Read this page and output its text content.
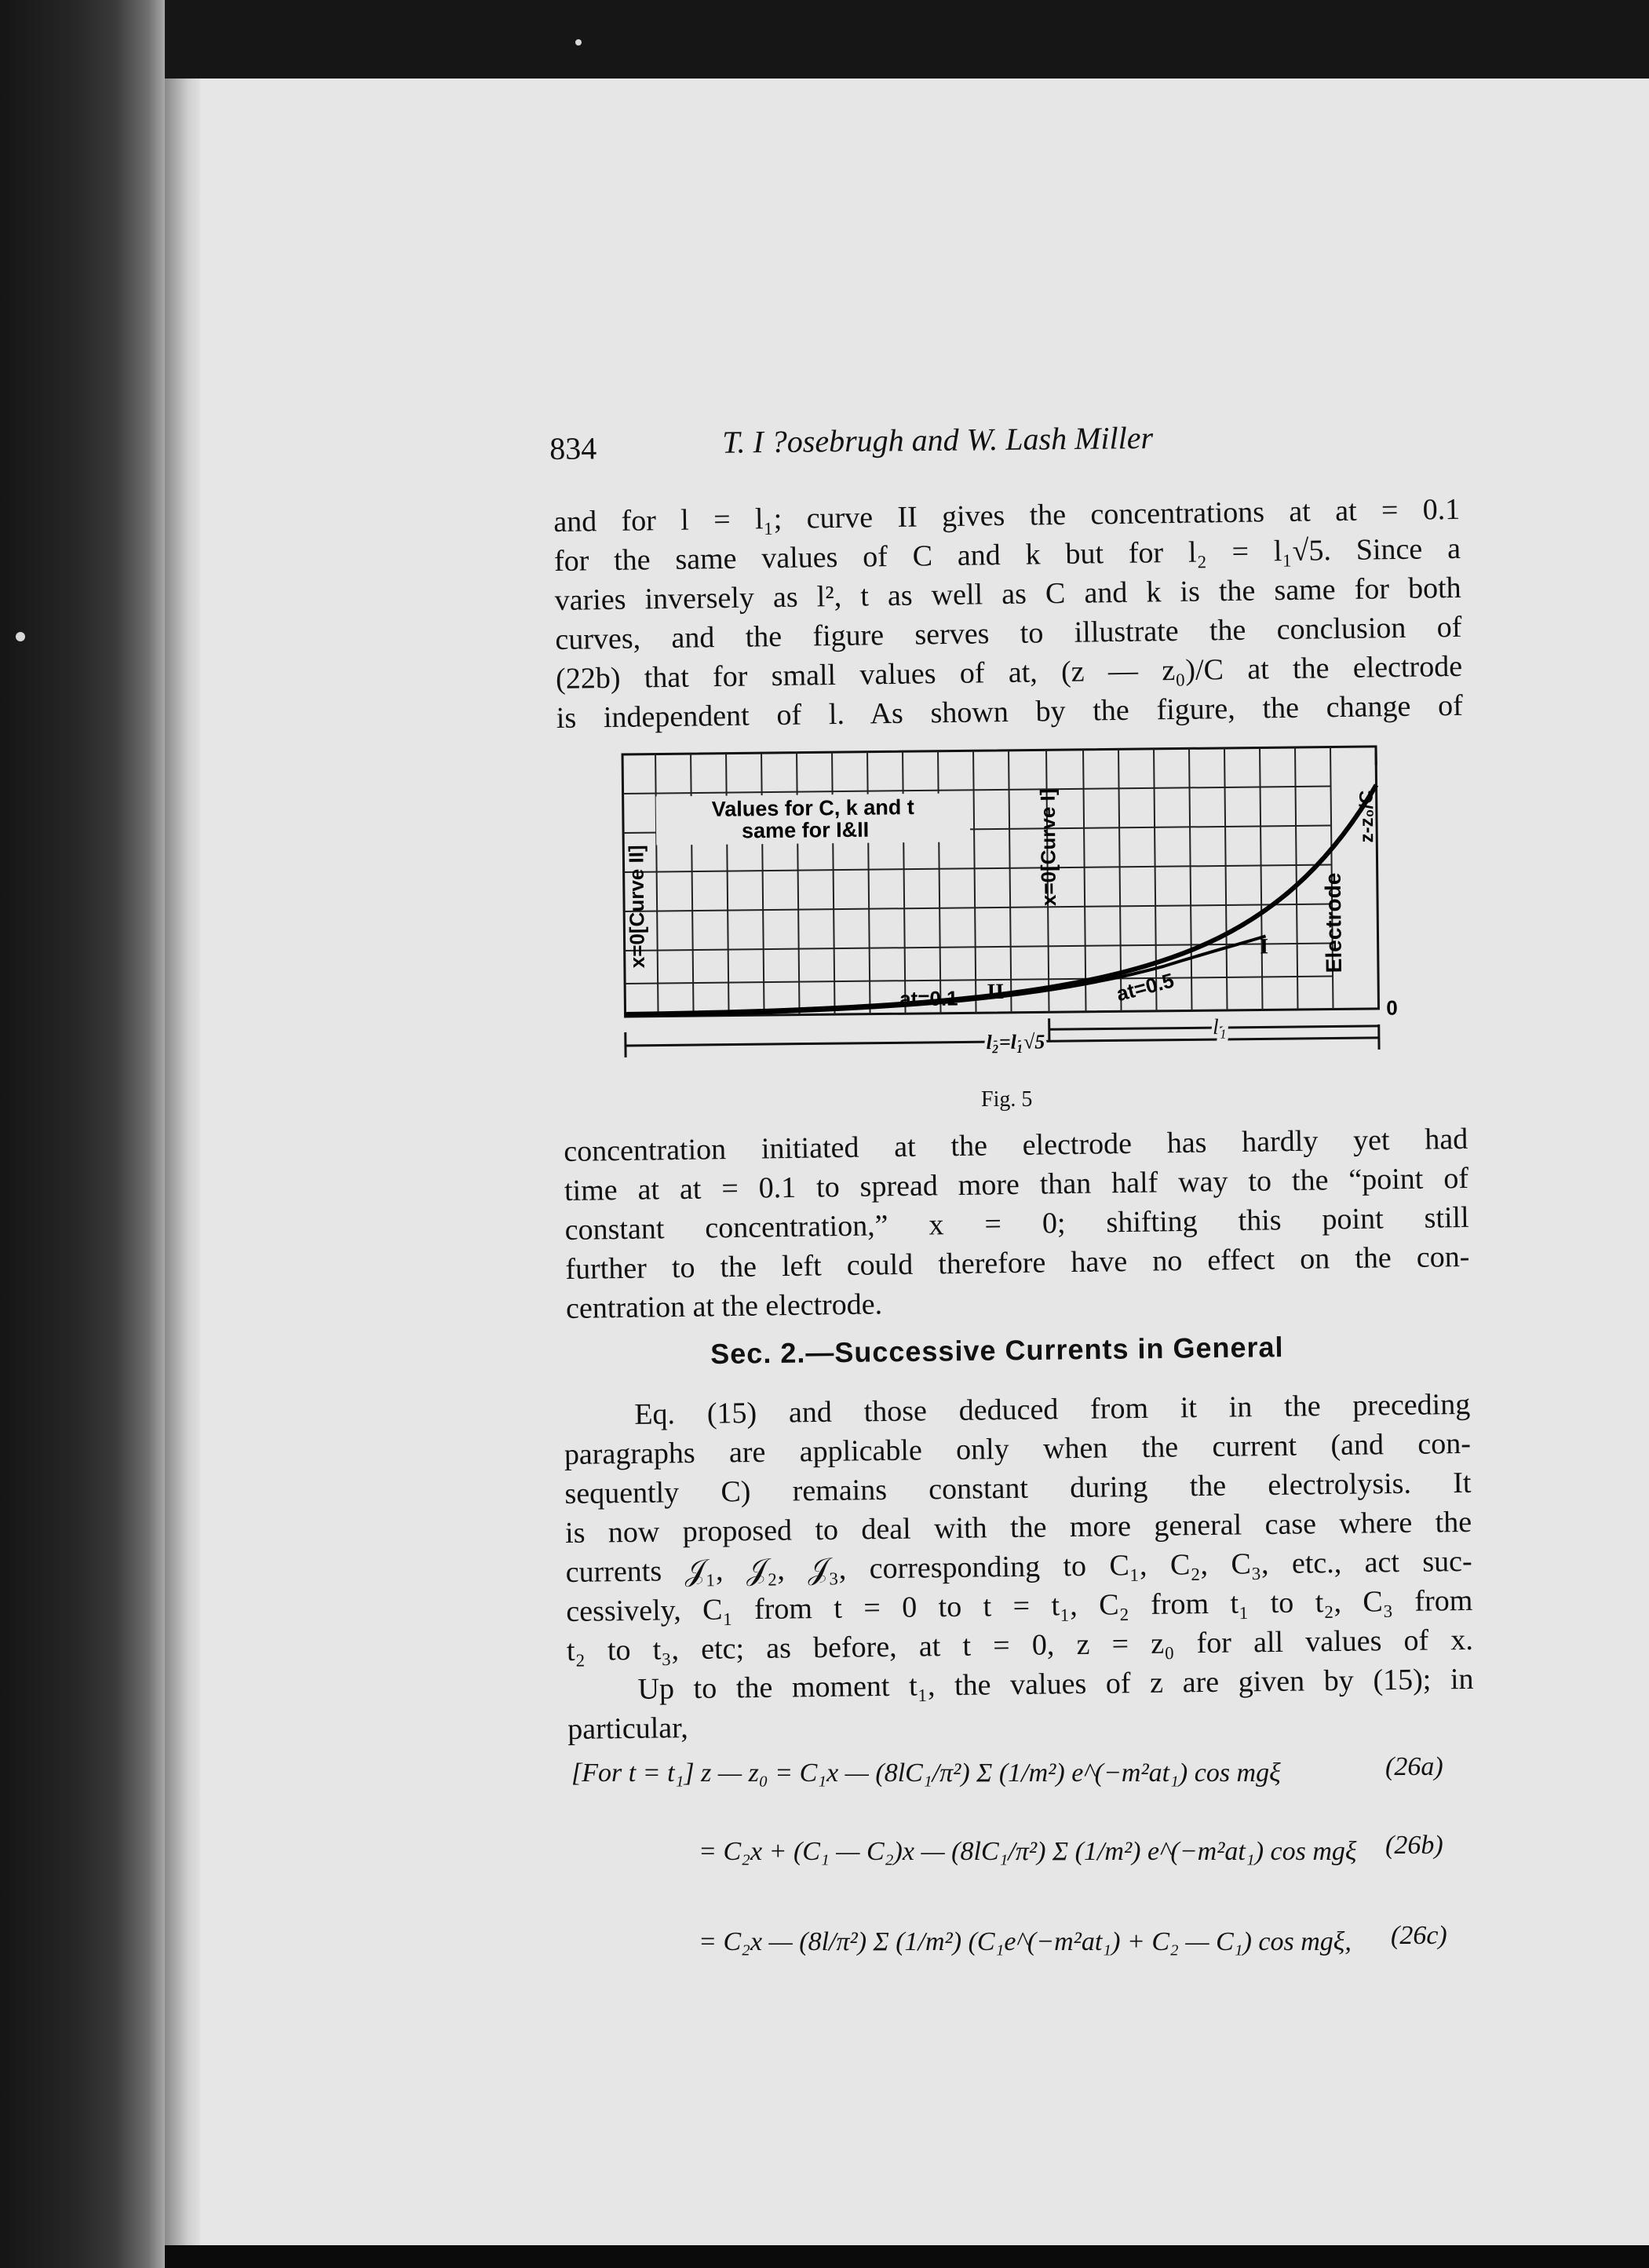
834	T. I ?osebrugh and W. Lash Miller

and for l = l₁; curve II gives the concentrations at at = 0.1
for the same values of C and k but for l₂ = l₁√5. Since a
varies inversely as l², t as well as C and k is the same for both
curves, and the figure serves to illustrate the conclusion of
(22b) that for small values of at, (z — z₀)/C at the electrode
is independent of l. As shown by the figure, the change of

x=0[Curve II]	x=0[Curve I]
Values for C, k and t
same for I&II
at=0.1 II	at=0.5
I Electrode
z-z₀/C
0
l₁
l₂=l₁√5
Fig. 5

concentration initiated at the electrode has hardly yet had
time at at = 0.1 to spread more than half way to the “point of
constant concentration,” x = 0; shifting this point still
further to the left could therefore have no effect on the con-
centration at the electrode.

Sec. 2.—Successive Currents in General

Eq. (15) and those deduced from it in the preceding
paragraphs are applicable only when the current (and con-
sequently C) remains constant during the electrolysis. It
is now proposed to deal with the more general case where the
currents 𝒥₁, 𝒥₂, 𝒥₃, corresponding to C₁, C₂, C₃, etc., act suc-
cessively, C₁ from t = 0 to t = t₁, C₂ from t₁ to t₂, C₃ from
t₂ to t₃, etc; as before, at t = 0, z = z₀ for all values of x.
Up to the moment t₁, the values of z are given by (15); in
particular,

[For t = t₁] z — z₀ = C₁x — (8lC₁/π²) Σ (1/m²) e^(−m²at₁) cos mgξ	(26a)
= C₂x + (C₁ — C₂)x — (8lC₁/π²) Σ (1/m²) e^(−m²at₁) cos mgξ (26b)
= C₂x — (8l/π²) Σ (1/m²) (C₁e^(−m²at₁) + C₂ — C₁) cos mgξ, (26c)
